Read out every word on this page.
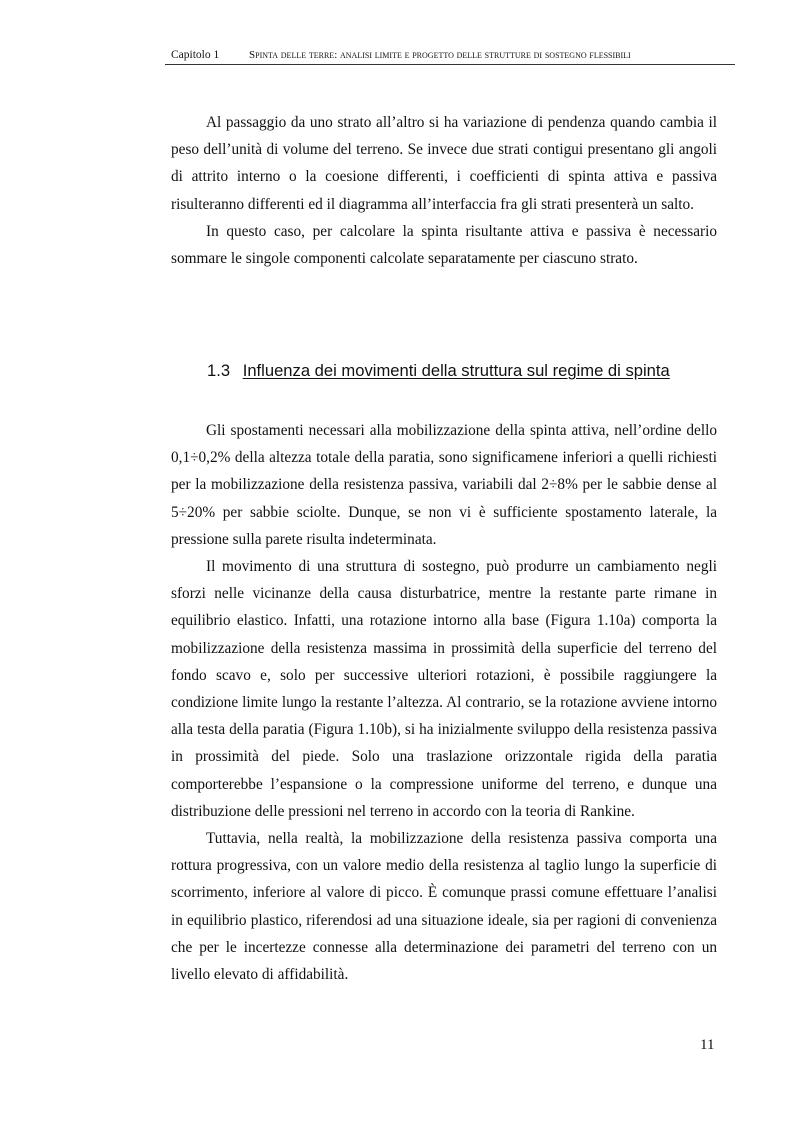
Capitolo 1	Spinta delle terre: analisi limite e progetto delle strutture di sostegno flessibili

Al passaggio da uno strato all’altro si ha variazione di pendenza quando cambia il peso dell’unità di volume del terreno. Se invece due strati contigui presentano gli angoli di attrito interno o la coesione differenti, i coefficienti di spinta attiva e passiva risulteranno differenti ed il diagramma all’interfaccia fra gli strati presenterà un salto.

In questo caso, per calcolare la spinta risultante attiva e passiva è necessario sommare le singole componenti calcolate separatamente per ciascuno strato.

1.3 Influenza dei movimenti della struttura sul regime di spinta

Gli spostamenti necessari alla mobilizzazione della spinta attiva, nell’ordine dello 0,1÷0,2% della altezza totale della paratia, sono significamene inferiori a quelli richiesti per la mobilizzazione della resistenza passiva, variabili dal 2÷8% per le sabbie dense al 5÷20% per sabbie sciolte. Dunque, se non vi è sufficiente spostamento laterale, la pressione sulla parete risulta indeterminata.

Il movimento di una struttura di sostegno, può produrre un cambiamento negli sforzi nelle vicinanze della causa disturbatrice, mentre la restante parte rimane in equilibrio elastico. Infatti, una rotazione intorno alla base (Figura 1.10a) comporta la mobilizzazione della resistenza massima in prossimità della superficie del terreno del fondo scavo e, solo per successive ulteriori rotazioni, è possibile raggiungere la condizione limite lungo la restante l’altezza. Al contrario, se la rotazione avviene intorno alla testa della paratia (Figura 1.10b), si ha inizialmente sviluppo della resistenza passiva in prossimità del piede. Solo una traslazione orizzontale rigida della paratia comporterebbe l’espansione o la compressione uniforme del terreno, e dunque una distribuzione delle pressioni nel terreno in accordo con la teoria di Rankine.

Tuttavia, nella realtà, la mobilizzazione della resistenza passiva comporta una rottura progressiva, con un valore medio della resistenza al taglio lungo la superficie di scorrimento, inferiore al valore di picco. È comunque prassi comune effettuare l’analisi in equilibrio plastico, riferendosi ad una situazione ideale, sia per ragioni di convenienza che per le incertezze connesse alla determinazione dei parametri del terreno con un livello elevato di affidabilità.

11
